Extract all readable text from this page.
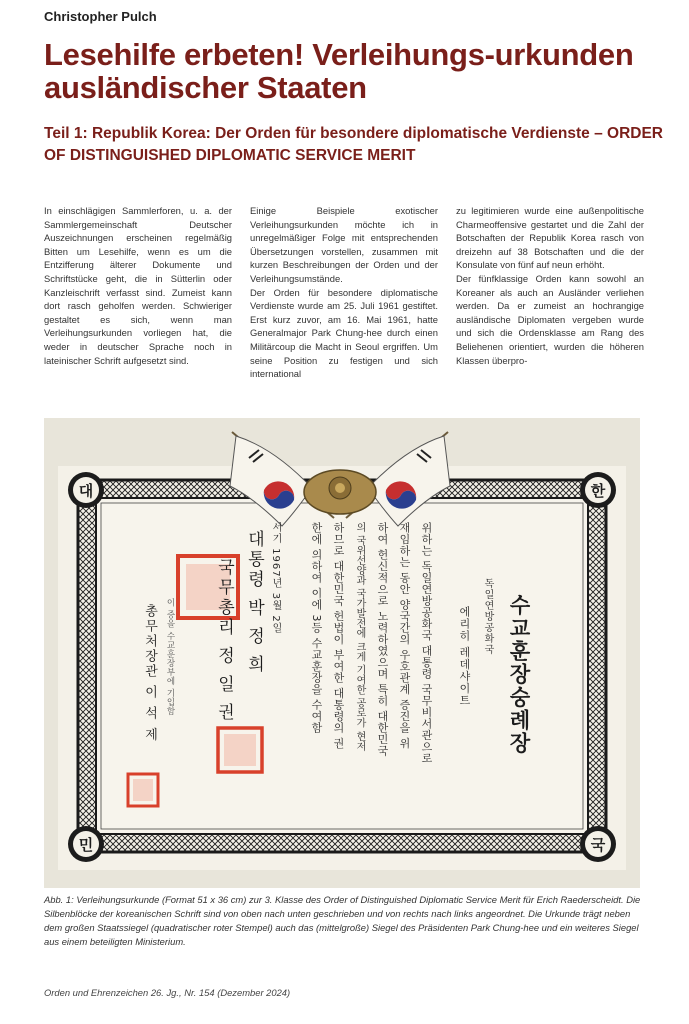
Christopher Pulch
Lesehilfe erbeten! Verleihungs-urkunden ausländischer Staaten
Teil 1: Republik Korea: Der Orden für besondere diplomatische Verdienste – ORDER OF DISTINGUISHED DIPLOMATIC SERVICE MERIT

In einschlägigen Sammlerforen, u. a. der Sammlergemeinschaft Deutscher Auszeichnungen erscheinen regelmäßig Bitten um Lesehilfe, wenn es um die Entzifferung älterer Dokumente und Schriftstücke geht, die in Sütterlin oder Kanzleischrift verfasst sind. Zumeist kann dort rasch geholfen werden. Schwieriger gestaltet es sich, wenn man Verleihungsurkunden vorliegen hat, die weder in deutscher Sprache noch in lateinischer Schrift aufgesetzt sind.

Einige Beispiele exotischer Verleihungsurkunden möchte ich in unregelmäßiger Folge mit entsprechenden Übersetzungen vorstellen, zusammen mit kurzen Beschreibungen der Orden und der Verleihungsumstände.

Der Orden für besondere diplomatische Verdienste wurde am 25. Juli 1961 gestiftet. Erst kurz zuvor, am 16. Mai 1961, hatte Generalmajor Park Chung-hee durch einen Militärcoup die Macht in Seoul ergriffen. Um seine Position zu festigen und sich international

zu legitimieren wurde eine außenpolitische Charmeoffensive gestartet und die Zahl der Botschaften der Republik Korea rasch von dreizehn auf 38 Botschaften und die der Konsulate von fünf auf neun erhöht.

Der fünfklassige Orden kann sowohl an Koreaner als auch an Ausländer verliehen werden. Da er zumeist an hochrangige ausländische Diplomaten vergeben wurde und sich die Ordensklasse am Rang des Beliehenen orientiert, wurden die höheren Klassen überpro-

대	한
민	국
수교훈장숭례장
독일연방공화국
에리히 레데샤이트
위하는 독일연방공화국 대통령 국무비서관으로
재임하는 동안 양국간의 우호관계 증진을 위
하여 헌신적으로 노력하였으며 특히 대한민국
의 국위선양과 국가발전에 크게 기여한 공로가 현저
하므로 대한민국 헌법이 부여한 대통령의 권
한에 의하여 이에 3등 수교훈장을 수여함
서기 1967년 3월 2일
대통령 박 정 희
국무총리 정 일 권
이 증을 수교훈장부에 기입함
총무처장관 이 석 제
Abb. 1: Verleihungsurkunde (Format 51 x 36 cm) zur 3. Klasse des Order of Distinguished Diplomatic Service Merit für Erich Raederscheidt. Die Silbenblöcke der koreanischen Schrift sind von oben nach unten geschrieben und von rechts nach links angeordnet. Die Urkunde trägt neben dem großen Staatssiegel (quadratischer roter Stempel) auch das (mittelgroße) Siegel des Präsidenten Park Chung-hee und ein weiteres Siegel aus einem beteiligten Ministerium.
Orden und Ehrenzeichen 26. Jg., Nr. 154 (Dezember 2024)
